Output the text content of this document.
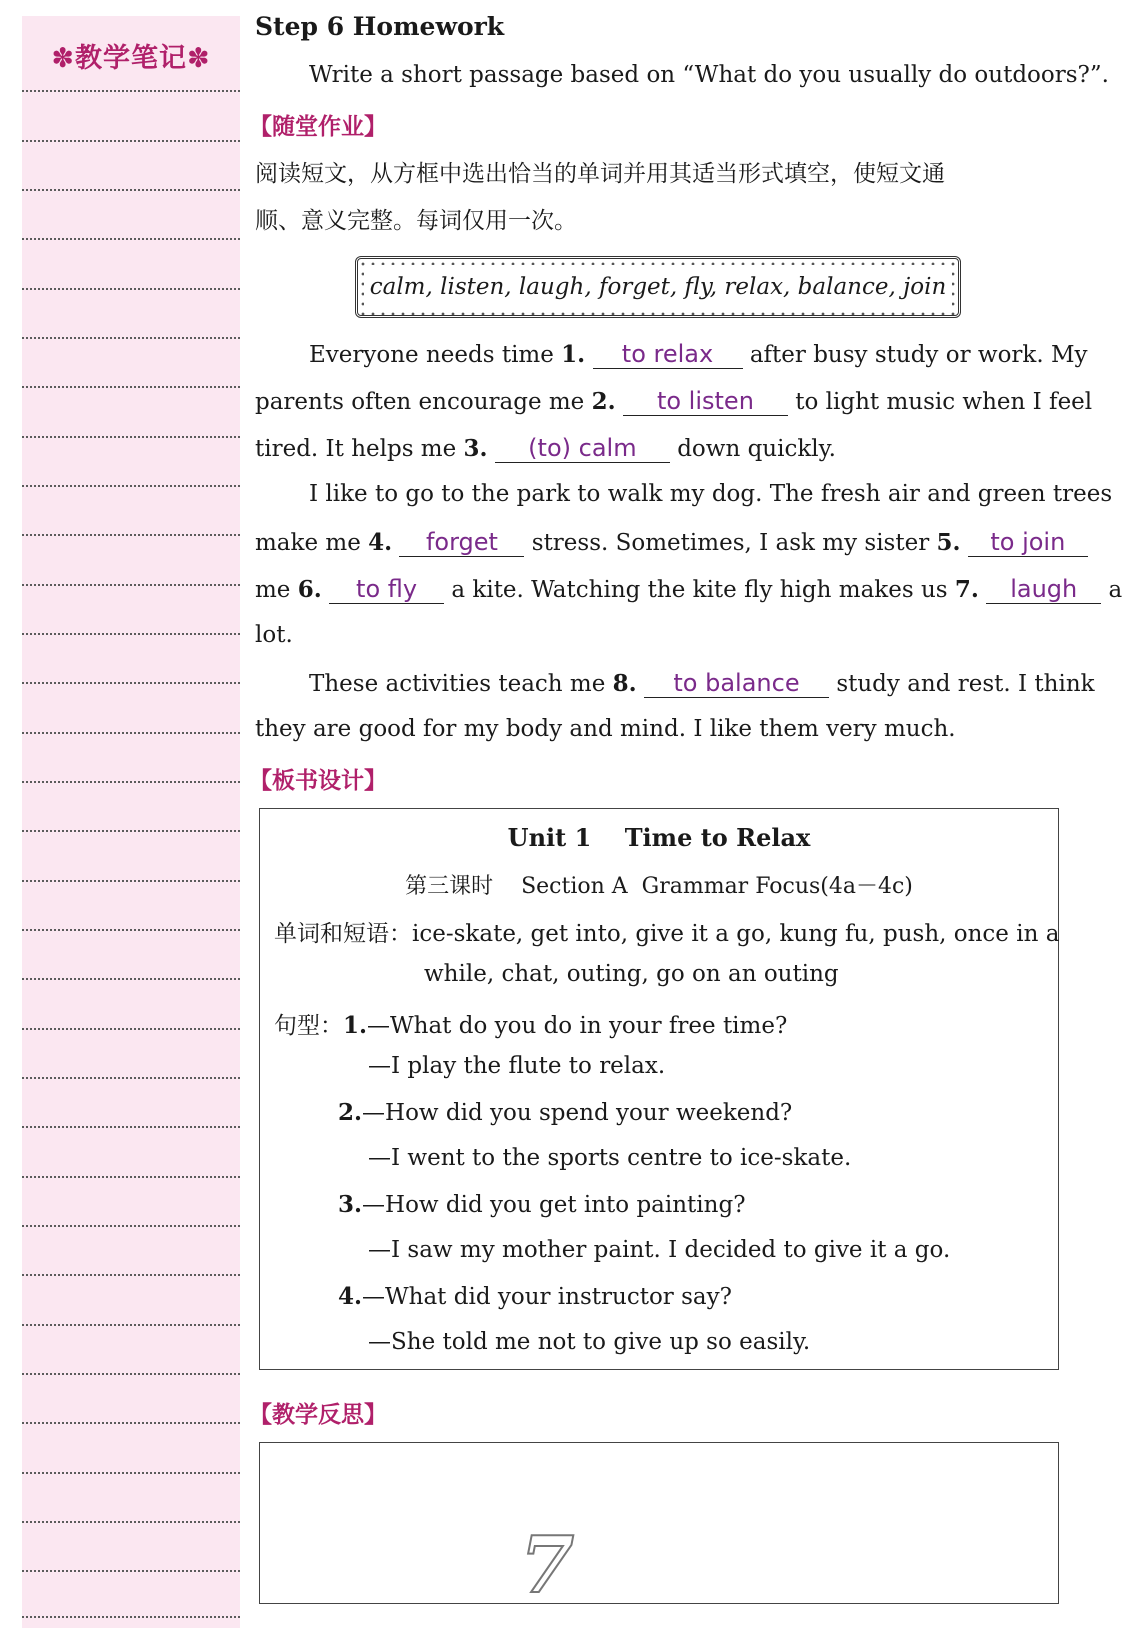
✽教学笔记✽
Step 6 Homework
Write a short passage based on “What do you usually do outdoors?”.
【随堂作业】
阅读短文，从方框中选出恰当的单词并用其适当形式填空，使短文通
顺、意义完整。每词仅用一次。
calm, listen, laugh, forget, fly, relax, balance, join
Everyone needs time 1. to relax after busy study or work. My
parents often encourage me 2. to listen to light music when I feel
tired. It helps me 3. (to) calm down quickly.
I like to go to the park to walk my dog. The fresh air and green trees
make me 4. forget stress. Sometimes, I ask my sister 5. to join
me 6. to fly a kite. Watching the kite fly high makes us 7. laugh a
lot.
These activities teach me 8. to balance study and rest. I think
they are good for my body and mind. I like them very much.
【板书设计】
Unit 1    Time to Relax
第三课时    Section A  Grammar Focus(4a－4c)
单词和短语：ice-skate, get into, give it a go, kung fu, push, once in a
while, chat, outing, go on an outing
句型：1.—What do you do in your free time?
—I play the flute to relax.
2.—How did you spend your weekend?
—I went to the sports centre to ice-skate.
3.—How did you get into painting?
—I saw my mother paint. I decided to give it a go.
4.—What did your instructor say?
—She told me not to give up so easily.
【教学反思】
7
